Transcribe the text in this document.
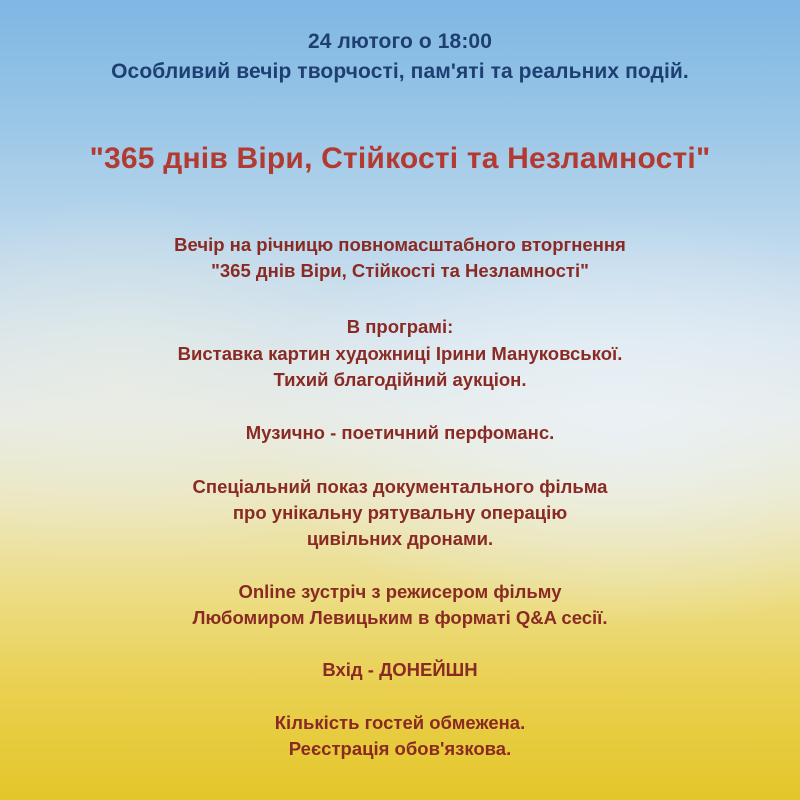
24 лютого о 18:00
Особливий вечір творчості, пам'яті та реальних подій.
"365 днів Віри, Стійкості та Незламності"
Вечір на річницю повномасштабного вторгнення
"365 днів Віри, Стійкості та Незламності"
В програмі:
Виставка картин художниці Ірини Мануковської.
Тихий благодійний аукціон.
Музично - поетичний перфоманс.
Спеціальний показ документального фільма
про унікальну рятувальну операцію
цивільних дронами.
Online зустріч з режисером фільму
Любомиром Левицьким в форматі Q&A сесії.
Вхід - ДОНЕЙШН
Кількість гостей обмежена.
Реєстрація обов'язкова.
